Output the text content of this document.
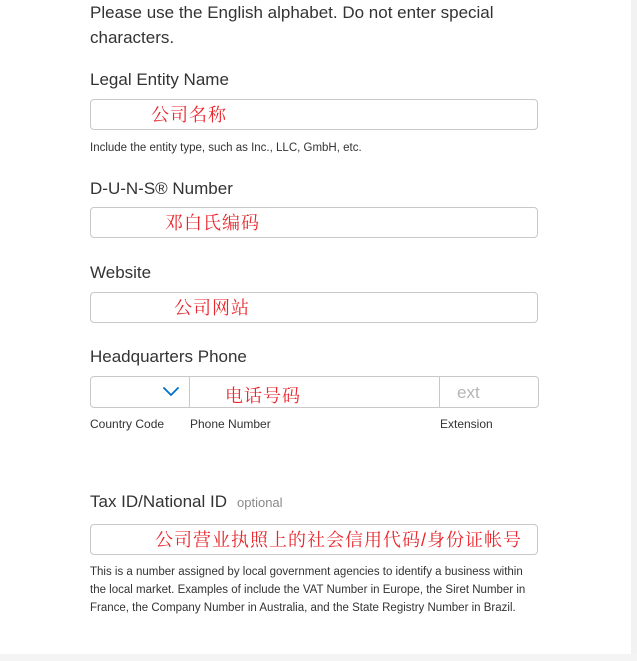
Please use the English alphabet. Do not enter special characters.
Legal Entity Name
公司名称
Include the entity type, such as Inc., LLC, GmbH, etc.
D-U-N-S® Number
邓白氏编码
Website
公司网站
Headquarters Phone
电话号码	ext
Country Code Phone Number	Extension
Tax ID/National ID optional
公司营业执照上的社会信用代码/身份证帐号
This is a number assigned by local government agencies to identify a business within the local market. Examples of include the VAT Number in Europe, the Siret Number in France, the Company Number in Australia, and the State Registry Number in Brazil.
